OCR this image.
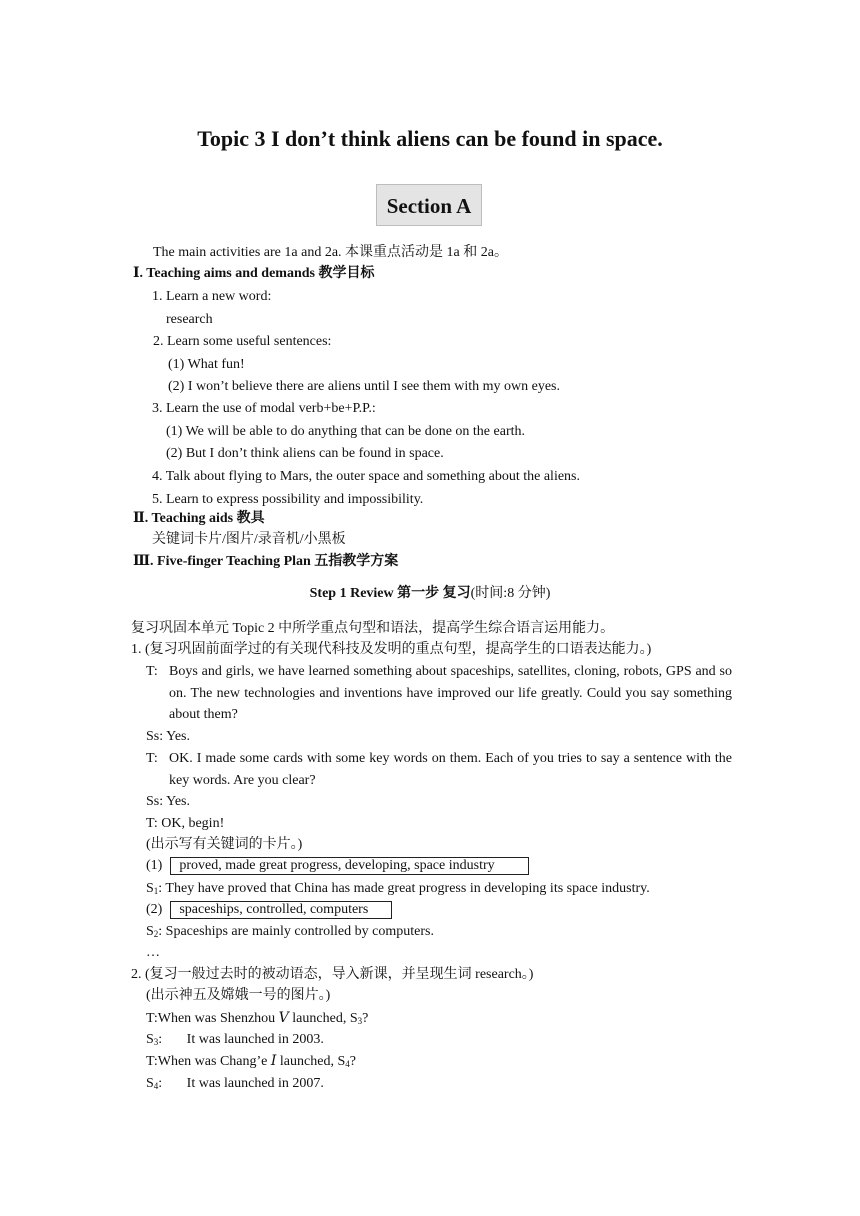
Topic 3 I don’t think aliens can be found in space.
Section A
The main activities are 1a and 2a. 本课重点活动是 1a 和 2a。
Ⅰ. Teaching aims and demands 教学目标
1. Learn a new word:
research
2. Learn some useful sentences:
(1) What fun!
(2) I won’t believe there are aliens until I see them with my own eyes.
3. Learn the use of modal verb+be+P.P.:
(1) We will be able to do anything that can be done on the earth.
(2) But I don’t think aliens can be found in space.
4. Talk about flying to Mars, the outer space and something about the aliens.
5. Learn to express possibility and impossibility.
Ⅱ. Teaching aids 教具
关键词卡片/图片/录音机/小黑板
Ⅲ. Five-finger Teaching Plan 五指教学方案
Step 1 Review 第一步 复习(时间:8 分钟)
复习巩固本单元 Topic 2 中所学重点句型和语法，提高学生综合语言运用能力。
1. (复习巩固前面学过的有关现代科技及发明的重点句型，提高学生的口语表达能力。)
T: Boys and girls, we have learned something about spaceships, satellites, cloning, robots, GPS and so on. The new technologies and inventions have improved our life greatly. Could you say something about them?
Ss: Yes.
T: OK. I made some cards with some key words on them. Each of you tries to say a sentence with the key words. Are you clear?
Ss: Yes.
T: OK, begin!
(出示写有关键词的卡片。)
(1) proved, made great progress, developing, space industry
$S_1$: They have proved that China has made great progress in developing its space industry.
(2) spaceships, controlled, computers
$S_2$: Spaceships are mainly controlled by computers.
…
2. (复习一般过去时的被动语态，导入新课，并呈现生词 research。)
(出示神五及嫦娥一号的图片。)
T:When was Shenzhou Ⅴ launched, $S_3$?
$S_3$:       It was launched in 2003.
T:When was Chang’e Ⅰ launched, $S_4$?
$S_4$:       It was launched in 2007.
